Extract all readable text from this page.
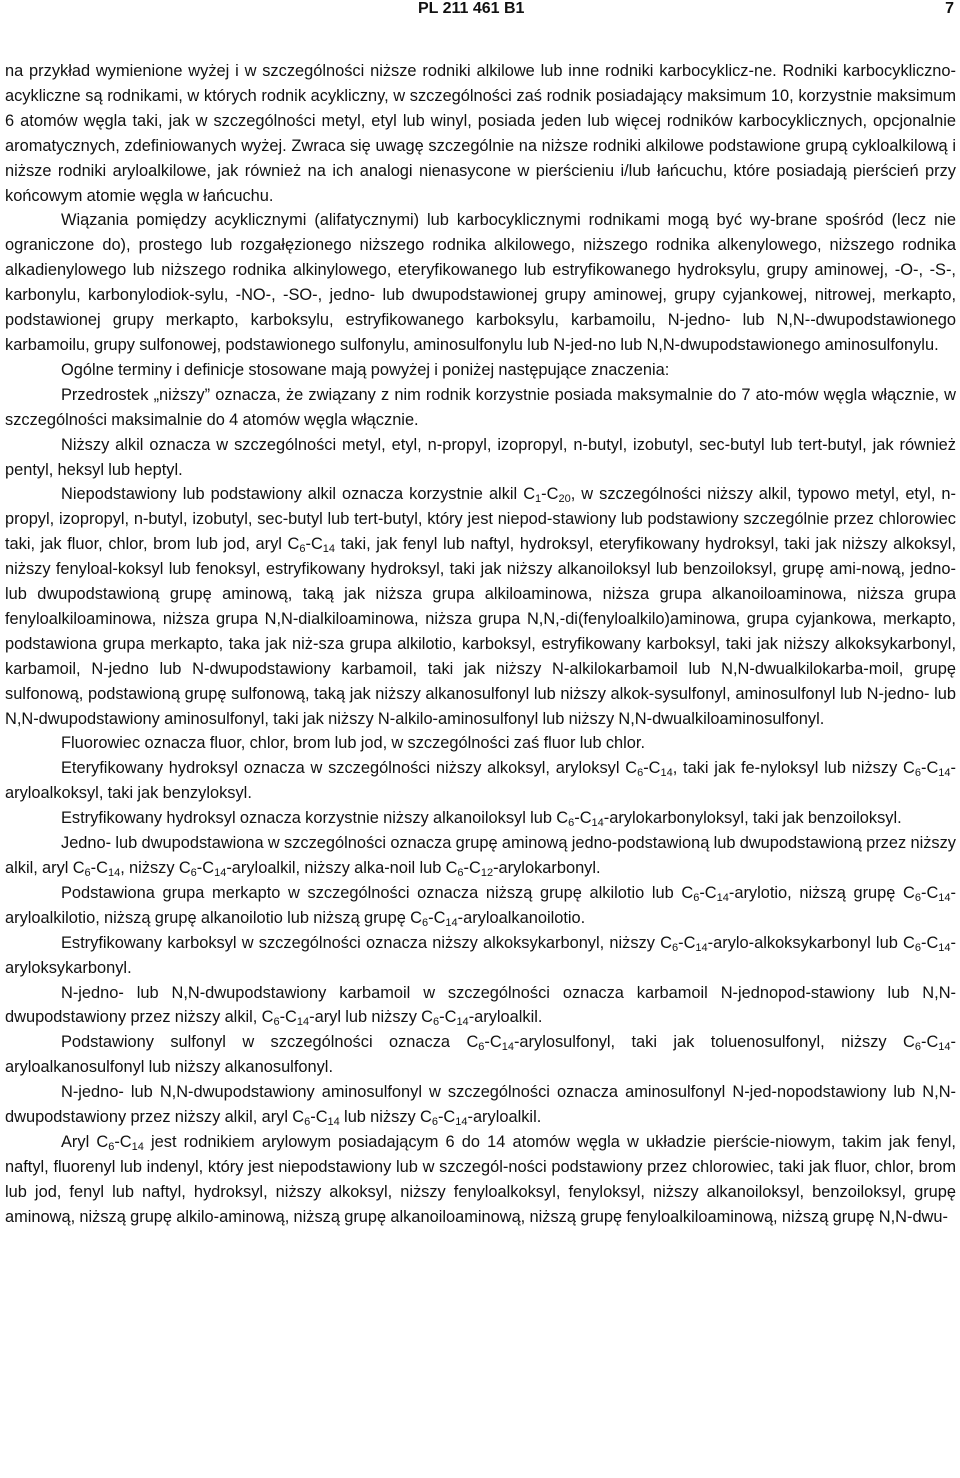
PL 211 461 B1	7

na przykład wymienione wyżej i w szczególności niższe rodniki alkilowe lub inne rodniki karbocyklicz-ne. Rodniki karbocykliczno-acykliczne są rodnikami, w których rodnik acykliczny, w szczególności zaś rodnik posiadający maksimum 10, korzystnie maksimum 6 atomów węgla taki, jak w szczególności metyl, etyl lub winyl, posiada jeden lub więcej rodników karbocyklicznych, opcjonalnie aromatycznych, zdefiniowanych wyżej. Zwraca się uwagę szczególnie na niższe rodniki alkilowe podstawione grupą cykloalkilową i niższe rodniki aryloalkilowe, jak również na ich analogi nienasycone w pierścieniu i/lub łańcuchu, które posiadają pierścień przy końcowym atomie węgla w łańcuchu.

Wiązania pomiędzy acyklicznymi (alifatycznymi) lub karbocyklicznymi rodnikami mogą być wy-brane spośród (lecz nie ograniczone do), prostego lub rozgałęzionego niższego rodnika alkilowego, niższego rodnika alkenylowego, niższego rodnika alkadienylowego lub niższego rodnika alkinylowego, eteryfikowanego lub estryfikowanego hydroksylu, grupy aminowej, -O-, -S-, karbonylu, karbonylodiok-sylu, -NO-, -SO-, jedno- lub dwupodstawionej grupy aminowej, grupy cyjankowej, nitrowej, merkapto, podstawionej grupy merkapto, karboksylu, estryfikowanego karboksylu, karbamoilu, N-jedno- lub N,N--dwupodstawionego karbamoilu, grupy sulfonowej, podstawionego sulfonylu, aminosulfonylu lub N-jed-no lub N,N-dwupodstawionego aminosulfonylu.

Ogólne terminy i definicje stosowane mają powyżej i poniżej następujące znaczenia:

Przedrostek „niższy” oznacza, że związany z nim rodnik korzystnie posiada maksymalnie do 7 ato-mów węgla włącznie, w szczególności maksimalnie do 4 atomów węgla włącznie.

Niższy alkil oznacza w szczególności metyl, etyl, n-propyl, izopropyl, n-butyl, izobutyl, sec-butyl lub tert-butyl, jak również pentyl, heksyl lub heptyl.

Niepodstawiony lub podstawiony alkil oznacza korzystnie alkil $C_1-C_{20}$, w szczególności niższy alkil, typowo metyl, etyl, n-propyl, izopropyl, n-butyl, izobutyl, sec-butyl lub tert-butyl, który jest niepod-stawiony lub podstawiony szczególnie przez chlorowiec taki, jak fluor, chlor, brom lub jod, aryl $C_6-C_{14}$ taki, jak fenyl lub naftyl, hydroksyl, eteryfikowany hydroksyl, taki jak niższy alkoksyl, niższy fenyloal-koksyl lub fenoksyl, estryfikowany hydroksyl, taki jak niższy alkanoiloksyl lub benzoiloksyl, grupę ami-nową, jedno- lub dwupodstawioną grupę aminową, taką jak niższa grupa alkiloaminowa, niższa grupa alkanoiloaminowa, niższa grupa fenyloalkiloaminowa, niższa grupa N,N-dialkiloaminowa, niższa grupa N,N,-di(fenyloalkilo)aminowa, grupa cyjankowa, merkapto, podstawiona grupa merkapto, taka jak niż-sza grupa alkilotio, karboksyl, estryfikowany karboksyl, taki jak niższy alkoksykarbonyl, karbamoil, N-jedno lub N-dwupodstawiony karbamoil, taki jak niższy N-alkilokarbamoil lub N,N-dwualkilokarba-moil, grupę sulfonową, podstawioną grupę sulfonową, taką jak niższy alkanosulfonyl lub niższy alkok-sysulfonyl, aminosulfonyl lub N-jedno- lub N,N-dwupodstawiony aminosulfonyl, taki jak niższy N-alkilo-aminosulfonyl lub niższy N,N-dwualkiloaminosulfonyl.

Fluorowiec oznacza fluor, chlor, brom lub jod, w szczególności zaś fluor lub chlor.

Eteryfikowany hydroksyl oznacza w szczególności niższy alkoksyl, aryloksyl $C_6-C_{14}$, taki jak fe-nyloksyl lub niższy $C_6-C_{14}$-aryloalkoksyl, taki jak benzyloksyl.

Estryfikowany hydroksyl oznacza korzystnie niższy alkanoiloksyl lub $C_6-C_{14}$-arylokarbonyloksyl, taki jak benzoiloksyl.

Jedno- lub dwupodstawiona w szczególności oznacza grupę aminową jedno-podstawioną lub dwupodstawioną przez niższy alkil, aryl $C_6-C_{14}$, niższy $C_6-C_{14}$-aryloalkil, niższy alka-noil lub $C_6-C_{12}$-arylokarbonyl.

Podstawiona grupa merkapto w szczególności oznacza niższą grupę alkilotio lub $C_6-C_{14}$-arylotio, niższą grupę $C_6-C_{14}$-aryloalkilotio, niższą grupę alkanoilotio lub niższą grupę $C_6-C_{14}$-aryloalkanoilotio.

Estryfikowany karboksyl w szczególności oznacza niższy alkoksykarbonyl, niższy $C_6-C_{14}-arylo$-alkoksykarbonyl lub $C_6-C_{14}$-aryloksykarbonyl.

N-jedno- lub N,N-dwupodstawiony karbamoil w szczególności oznacza karbamoil N-jednopod-stawiony lub N,N-dwupodstawiony przez niższy alkil, $C_6-C_{14}$-aryl lub niższy $C_6-C_{14}$-aryloalkil.

Podstawiony sulfonyl w szczególności oznacza $C_6-C_{14}$-arylosulfonyl, taki jak toluenosulfonyl, niższy $C_6-C_{14}$-aryloalkanosulfonyl lub niższy alkanosulfonyl.

N-jedno- lub N,N-dwupodstawiony aminosulfonyl w szczególności oznacza aminosulfonyl N-jed-nopodstawiony lub N,N-dwupodstawiony przez niższy alkil, aryl $C_6-C_{14}$ lub niższy $C_6-C_{14}$-aryloalkil.

Aryl $C_6-C_{14}$ jest rodnikiem arylowym posiadającym 6 do 14 atomów węgla w układzie pierście-niowym, takim jak fenyl, naftyl, fluorenyl lub indenyl, który jest niepodstawiony lub w szczegól-ności podstawiony przez chlorowiec, taki jak fluor, chlor, brom lub jod, fenyl lub naftyl, hydroksyl, niższy alkoksyl, niższy fenyloalkoksyl, fenyloksyl, niższy alkanoiloksyl, benzoiloksyl, grupę aminową, niższą grupę alkilo-aminową, niższą grupę alkanoiloaminową, niższą grupę fenyloalkiloaminową, niższą grupę N,N-dwu-
